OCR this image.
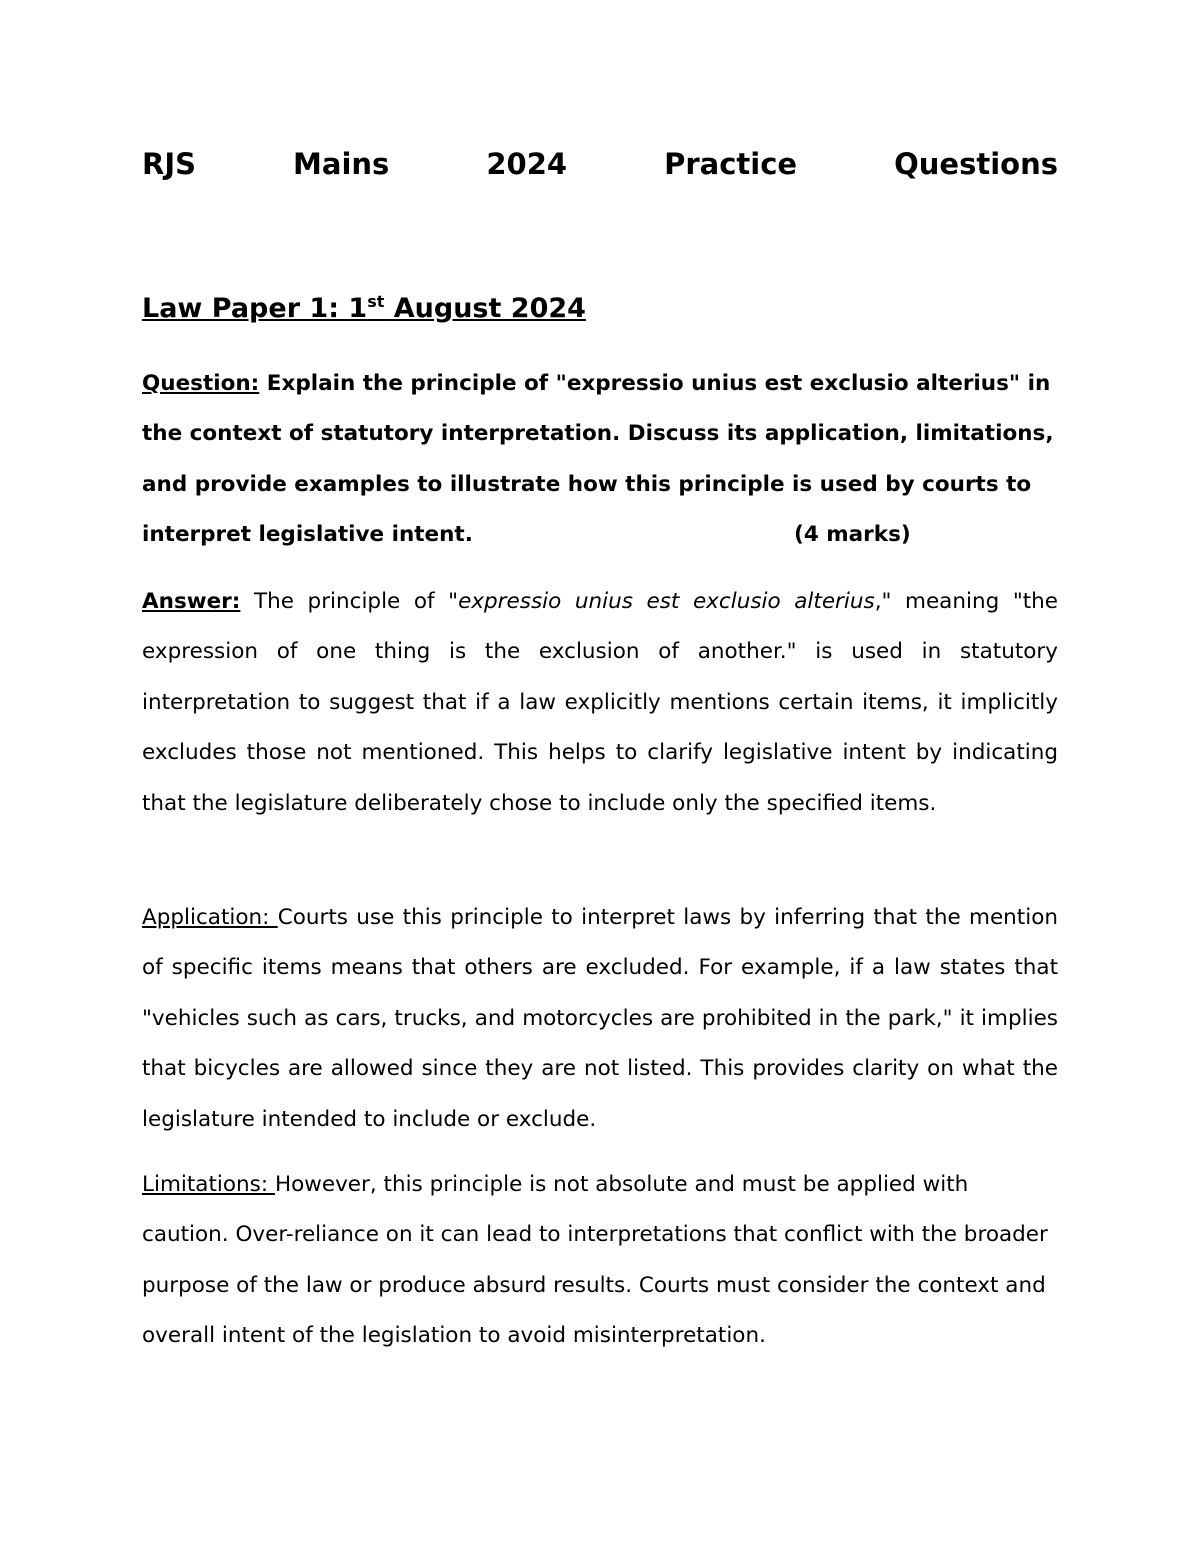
RJS	Mains	2024	Practice	Questions
Law Paper 1: 1st August 2024

Question: Explain the principle of "expressio unius est exclusio alterius" in the context of statutory interpretation. Discuss its application, limitations, and provide examples to illustrate how this principle is used by courts to interpret legislative intent.	(4 marks)

Answer: The principle of "expressio unius est exclusio alterius," meaning "the expression of one thing is the exclusion of another." is used in statutory interpretation to suggest that if a law explicitly mentions certain items, it implicitly excludes those not mentioned. This helps to clarify legislative intent by indicating that the legislature deliberately chose to include only the specified items.

Application: Courts use this principle to interpret laws by inferring that the mention of specific items means that others are excluded. For example, if a law states that "vehicles such as cars, trucks, and motorcycles are prohibited in the park," it implies that bicycles are allowed since they are not listed. This provides clarity on what the legislature intended to include or exclude.

Limitations: However, this principle is not absolute and must be applied with caution. Over-reliance on it can lead to interpretations that conflict with the broader purpose of the law or produce absurd results. Courts must consider the context and overall intent of the legislation to avoid misinterpretation.
